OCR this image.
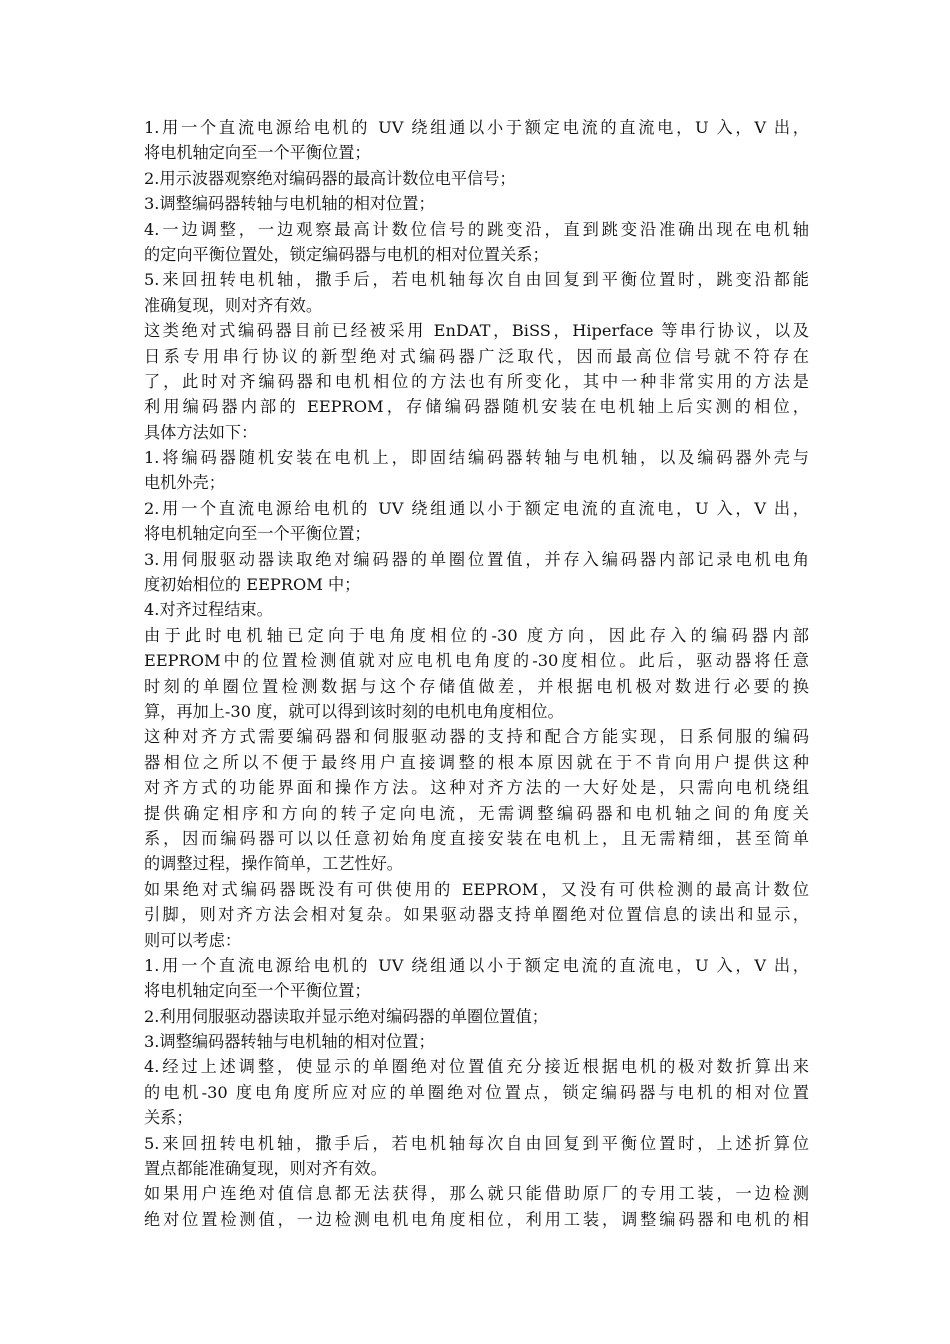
1.用一个直流电源给电机的 UV 绕组通以小于额定电流的直流电，U 入，V 出，
将电机轴定向至一个平衡位置；
2.用示波器观察绝对编码器的最高计数位电平信号；
3.调整编码器转轴与电机轴的相对位置；
4.一边调整，一边观察最高计数位信号的跳变沿，直到跳变沿准确出现在电机轴
的定向平衡位置处，锁定编码器与电机的相对位置关系；
5.来回扭转电机轴，撒手后，若电机轴每次自由回复到平衡位置时，跳变沿都能
准确复现，则对齐有效。
这类绝对式编码器目前已经被采用 EnDAT，BiSS，Hiperface 等串行协议，以及
日系专用串行协议的新型绝对式编码器广泛取代，因而最高位信号就不符存在
了，此时对齐编码器和电机相位的方法也有所变化，其中一种非常实用的方法是
利用编码器内部的 EEPROM，存储编码器随机安装在电机轴上后实测的相位，
具体方法如下：
1.将编码器随机安装在电机上，即固结编码器转轴与电机轴，以及编码器外壳与
电机外壳；
2.用一个直流电源给电机的 UV 绕组通以小于额定电流的直流电，U 入，V 出，
将电机轴定向至一个平衡位置；
3.用伺服驱动器读取绝对编码器的单圈位置值，并存入编码器内部记录电机电角
度初始相位的 EEPROM 中；
4.对齐过程结束。
由于此时电机轴已定向于电角度相位的-30 度方向，因此存入的编码器内部
EEPROM中的位置检测值就对应电机电角度的-30度相位。此后，驱动器将任意
时刻的单圈位置检测数据与这个存储值做差，并根据电机极对数进行必要的换
算，再加上-30 度，就可以得到该时刻的电机电角度相位。
这种对齐方式需要编码器和伺服驱动器的支持和配合方能实现，日系伺服的编码
器相位之所以不便于最终用户直接调整的根本原因就在于不肯向用户提供这种
对齐方式的功能界面和操作方法。这种对齐方法的一大好处是，只需向电机绕组
提供确定相序和方向的转子定向电流，无需调整编码器和电机轴之间的角度关
系，因而编码器可以以任意初始角度直接安装在电机上，且无需精细，甚至简单
的调整过程，操作简单，工艺性好。
如果绝对式编码器既没有可供使用的 EEPROM，又没有可供检测的最高计数位
引脚，则对齐方法会相对复杂。如果驱动器支持单圈绝对位置信息的读出和显示，
则可以考虑：
1.用一个直流电源给电机的 UV 绕组通以小于额定电流的直流电，U 入，V 出，
将电机轴定向至一个平衡位置；
2.利用伺服驱动器读取并显示绝对编码器的单圈位置值；
3.调整编码器转轴与电机轴的相对位置；
4.经过上述调整，使显示的单圈绝对位置值充分接近根据电机的极对数折算出来
的电机-30 度电角度所应对应的单圈绝对位置点，锁定编码器与电机的相对位置
关系；
5.来回扭转电机轴，撒手后，若电机轴每次自由回复到平衡位置时，上述折算位
置点都能准确复现，则对齐有效。
如果用户连绝对值信息都无法获得，那么就只能借助原厂的专用工装，一边检测
绝对位置检测值，一边检测电机电角度相位，利用工装，调整编码器和电机的相
